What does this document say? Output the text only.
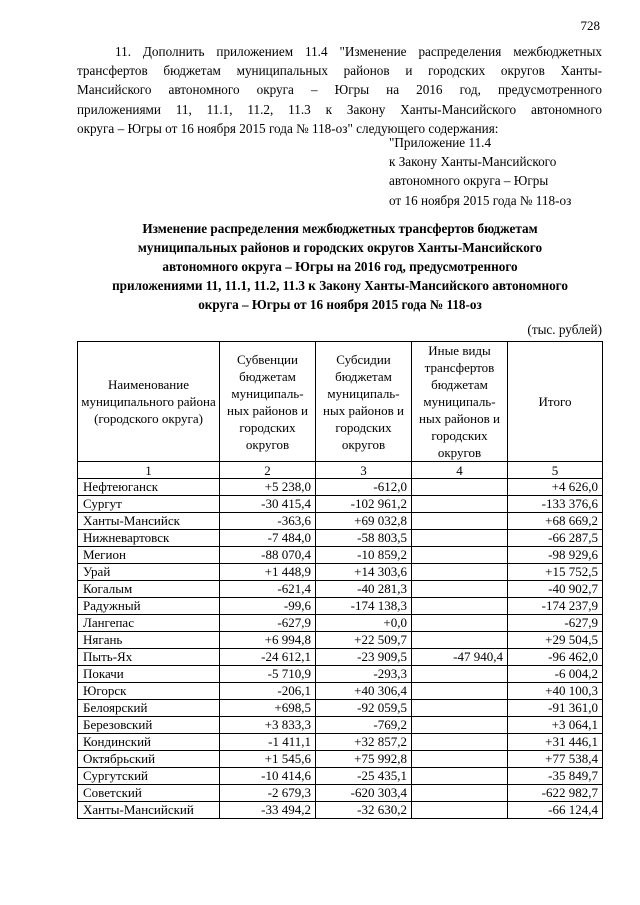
728
11. Дополнить приложением 11.4 "Изменение распределения межбюджетных
трансфертов бюджетам муниципальных районов и городских округов Ханты-
Мансийского автономного округа – Югры на 2016 год, предусмотренного
приложениями 11, 11.1, 11.2, 11.3 к Закону Ханты-Мансийского автономного
округа – Югры от 16 ноября 2015 года № 118-оз" следующего содержания:
"Приложение 11.4
к Закону Ханты-Мансийского
автономного округа – Югры
от 16 ноября 2015 года № 118-оз
Изменение распределения межбюджетных трансфертов бюджетам
муниципальных районов и городских округов Ханты-Мансийского
автономного округа – Югры на 2016 год, предусмотренного
приложениями 11, 11.1, 11.2, 11.3 к Закону Ханты-Мансийского автономного
округа – Югры от 16 ноября 2015 года № 118-оз
(тыс. рублей)
Наименование муниципального района (городского округа)	Субвенции бюджетам муниципаль-ных районов и городских округов	Субсидии бюджетам муниципаль-ных районов и городских округов	Иные виды трансфертов бюджетам муниципаль-ных районов и городских округов	Итого
1	2	3	4	5
Нефтеюганск	+5 238,0	-612,0		+4 626,0
Сургут	-30 415,4	-102 961,2		-133 376,6
Ханты-Мансийск	-363,6	+69 032,8		+68 669,2
Нижневартовск	-7 484,0	-58 803,5		-66 287,5
Мегион	-88 070,4	-10 859,2		-98 929,6
Урай	+1 448,9	+14 303,6		+15 752,5
Когалым	-621,4	-40 281,3		-40 902,7
Радужный	-99,6	-174 138,3		-174 237,9
Лангепас	-627,9	+0,0		-627,9
Нягань	+6 994,8	+22 509,7		+29 504,5
Пыть-Ях	-24 612,1	-23 909,5	-47 940,4	-96 462,0
Покачи	-5 710,9	-293,3		-6 004,2
Югорск	-206,1	+40 306,4		+40 100,3
Белоярский	+698,5	-92 059,5		-91 361,0
Березовский	+3 833,3	-769,2		+3 064,1
Кондинский	-1 411,1	+32 857,2		+31 446,1
Октябрьский	+1 545,6	+75 992,8		+77 538,4
Сургутский	-10 414,6	-25 435,1		-35 849,7
Советский	-2 679,3	-620 303,4		-622 982,7
Ханты-Мансийский	-33 494,2	-32 630,2		-66 124,4
